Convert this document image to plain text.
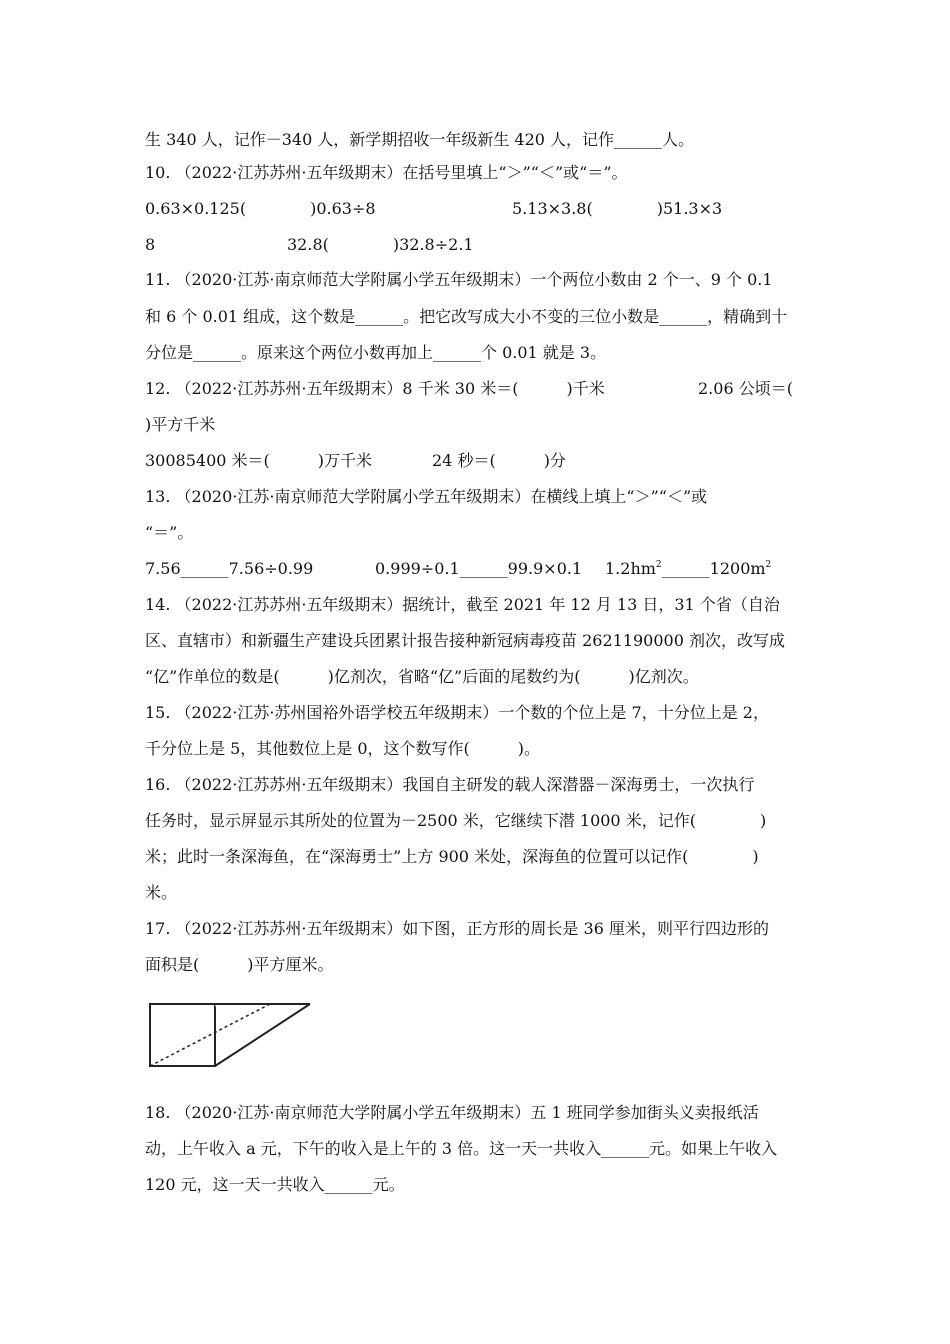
生 340 人，记作－340 人，新学期招收一年级新生 420 人，记作______人。

10. （2022·江苏苏州·五年级期末）在括号里填上“＞”“＜”或“＝”。

0.63×0.125(　　　　)0.63÷8	5.13×3.8(　　　　)51.3×3
8	32.8(　　　　)32.8÷2.1

11. （2020·江苏·南京师范大学附属小学五年级期末）一个两位小数由 2 个一、9 个 0.1

和 6 个 0.01 组成，这个数是______。把它改写成大小不变的三位小数是______，精确到十

分位是______。原来这个两位小数再加上______个 0.01 就是 3。

12. （2022·江苏苏州·五年级期末）8 千米 30 米＝(　　　)千米	2.06 公顷＝(

)平方千米

30085400 米＝(　　　)万千米	24 秒＝(　　　)分

13. （2020·江苏·南京师范大学附属小学五年级期末）在横线上填上“＞”“＜”或

“＝”。

7.56______7.56÷0.99	0.999÷0.1______99.9×0.1 $1.2hm^2\_\_\_\_\_\_1200m^2$

14. （2022·江苏苏州·五年级期末）据统计，截至 2021 年 12 月 13 日，31 个省（自治

区、直辖市）和新疆生产建设兵团累计报告接种新冠病毒疫苗 2621190000 剂次，改写成

“亿”作单位的数是(　　　)亿剂次，省略“亿”后面的尾数约为(　　　)亿剂次。

15. （2022·江苏·苏州国裕外语学校五年级期末）一个数的个位上是 7，十分位上是 2，

千分位上是 5，其他数位上是 0，这个数写作(　　　)。

16. （2022·江苏苏州·五年级期末）我国自主研发的载人深潜器－深海勇士，一次执行

任务时，显示屏显示其所处的位置为－2500 米，它继续下潜 1000 米，记作(　　　　)

米；此时一条深海鱼，在“深海勇士”上方 900 米处，深海鱼的位置可以记作(　　　　)

米。

17. （2022·江苏苏州·五年级期末）如下图，正方形的周长是 36 厘米，则平行四边形的

面积是(　　　)平方厘米。

18. （2020·江苏·南京师范大学附属小学五年级期末）五 1 班同学参加街头义卖报纸活

动，上午收入 a 元，下午的收入是上午的 3 倍。这一天一共收入______元。如果上午收入

120 元，这一天一共收入______元。
